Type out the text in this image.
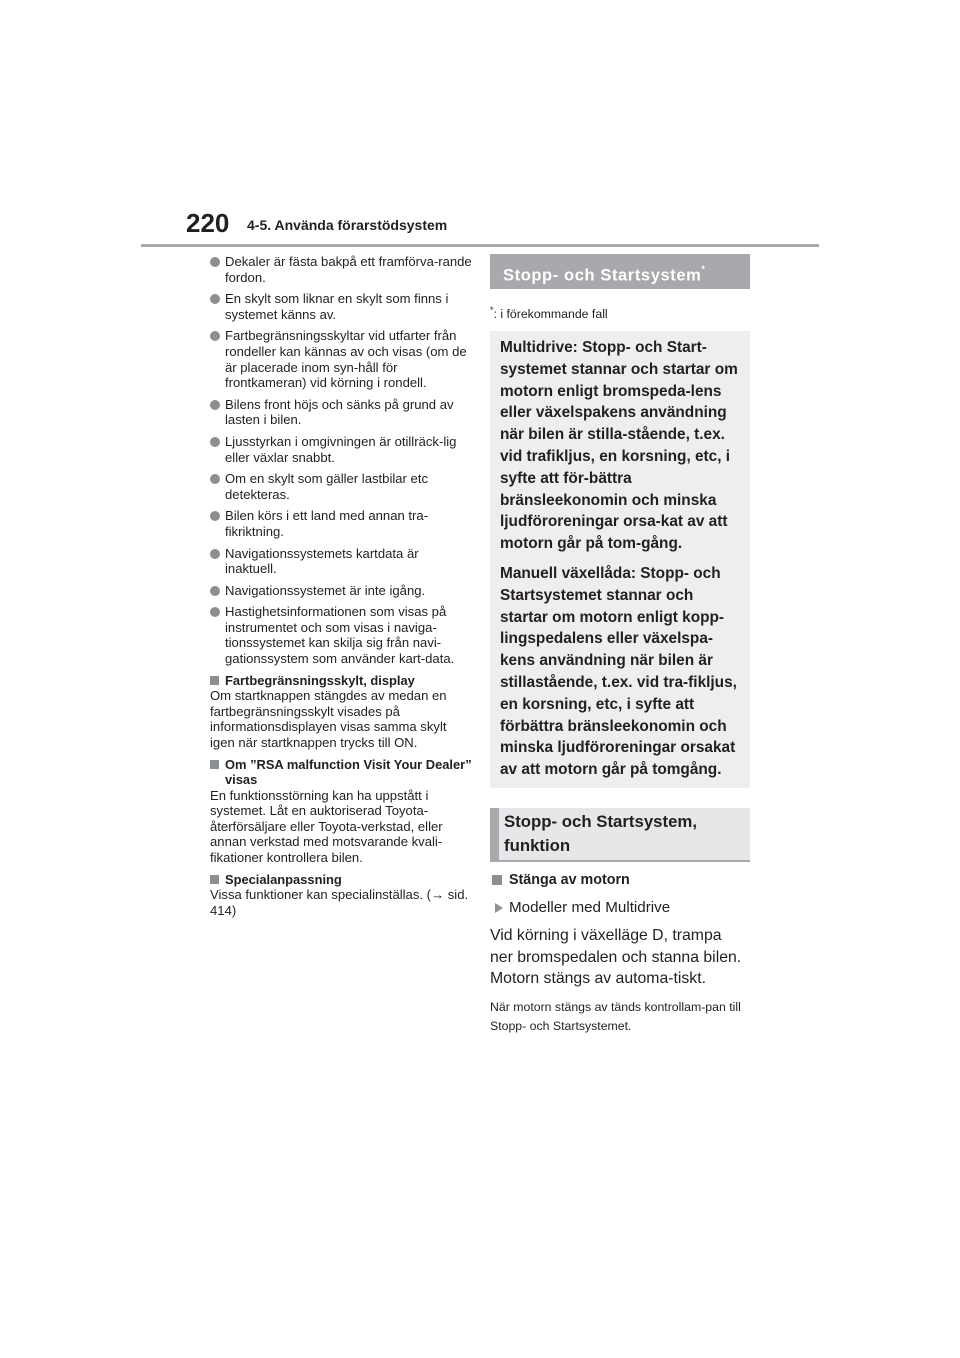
220 4-5. Använda förarstödsystem
Dekaler är fästa bakpå ett framförva-rande fordon.
En skylt som liknar en skylt som finns i systemet känns av.
Fartbegränsningsskyltar vid utfarter från rondeller kan kännas av och visas (om de är placerade inom syn-håll för frontkameran) vid körning i rondell.
Bilens front höjs och sänks på grund av lasten i bilen.
Ljusstyrkan i omgivningen är otillräck-lig eller växlar snabbt.
Om en skylt som gäller lastbilar etc detekteras.
Bilen körs i ett land med annan tra-fikriktning.
Navigationssystemets kartdata är inaktuell.
Navigationssystemet är inte igång.
Hastighetsinformationen som visas på instrumentet och som visas i naviga-tionssystemet kan skilja sig från navi-gationssystem som använder kart-data.
Fartbegränsningsskylt, display
Om startknappen stängdes av medan en fartbegränsningsskylt visades på informationsdisplayen visas samma skylt igen när startknappen trycks till ON.
Om ”RSA malfunction Visit Your Dealer” visas
En funktionsstörning kan ha uppstått i systemet. Låt en auktoriserad Toyota-återförsäljare eller Toyota-verkstad, eller annan verkstad med motsvarande kvali-fikationer kontrollera bilen.
Specialanpassning
Vissa funktioner kan specialinställas. (→ sid. 414)
Stopp- och Startsystem*
*: i förekommande fall

Multidrive: Stopp- och Start-systemet stannar och startar om motorn enligt bromspeda-lens eller växelspakens användning när bilen är stilla-stående, t.ex. vid trafikljus, en korsning, etc, i syfte att för-bättra bränsleekonomin och minska ljudföroreningar orsa-kat av att motorn går på tom-gång.

Manuell växellåda: Stopp- och Startsystemet stannar och startar om motorn enligt kopp-lingspedalens eller växelspa-kens användning när bilen är stillastående, t.ex. vid tra-fikljus, en korsning, etc, i syfte att förbättra bränsleekonomin och minska ljudföroreningar orsakat av att motorn går på tomgång.

Stopp- och Startsystem, funktion
Stänga av motorn
Modeller med Multidrive
Vid körning i växelläge D, trampa ner bromspedalen och stanna bilen. Motorn stängs av automa-tiskt.
När motorn stängs av tänds kontrollam-pan till Stopp- och Startsystemet.
